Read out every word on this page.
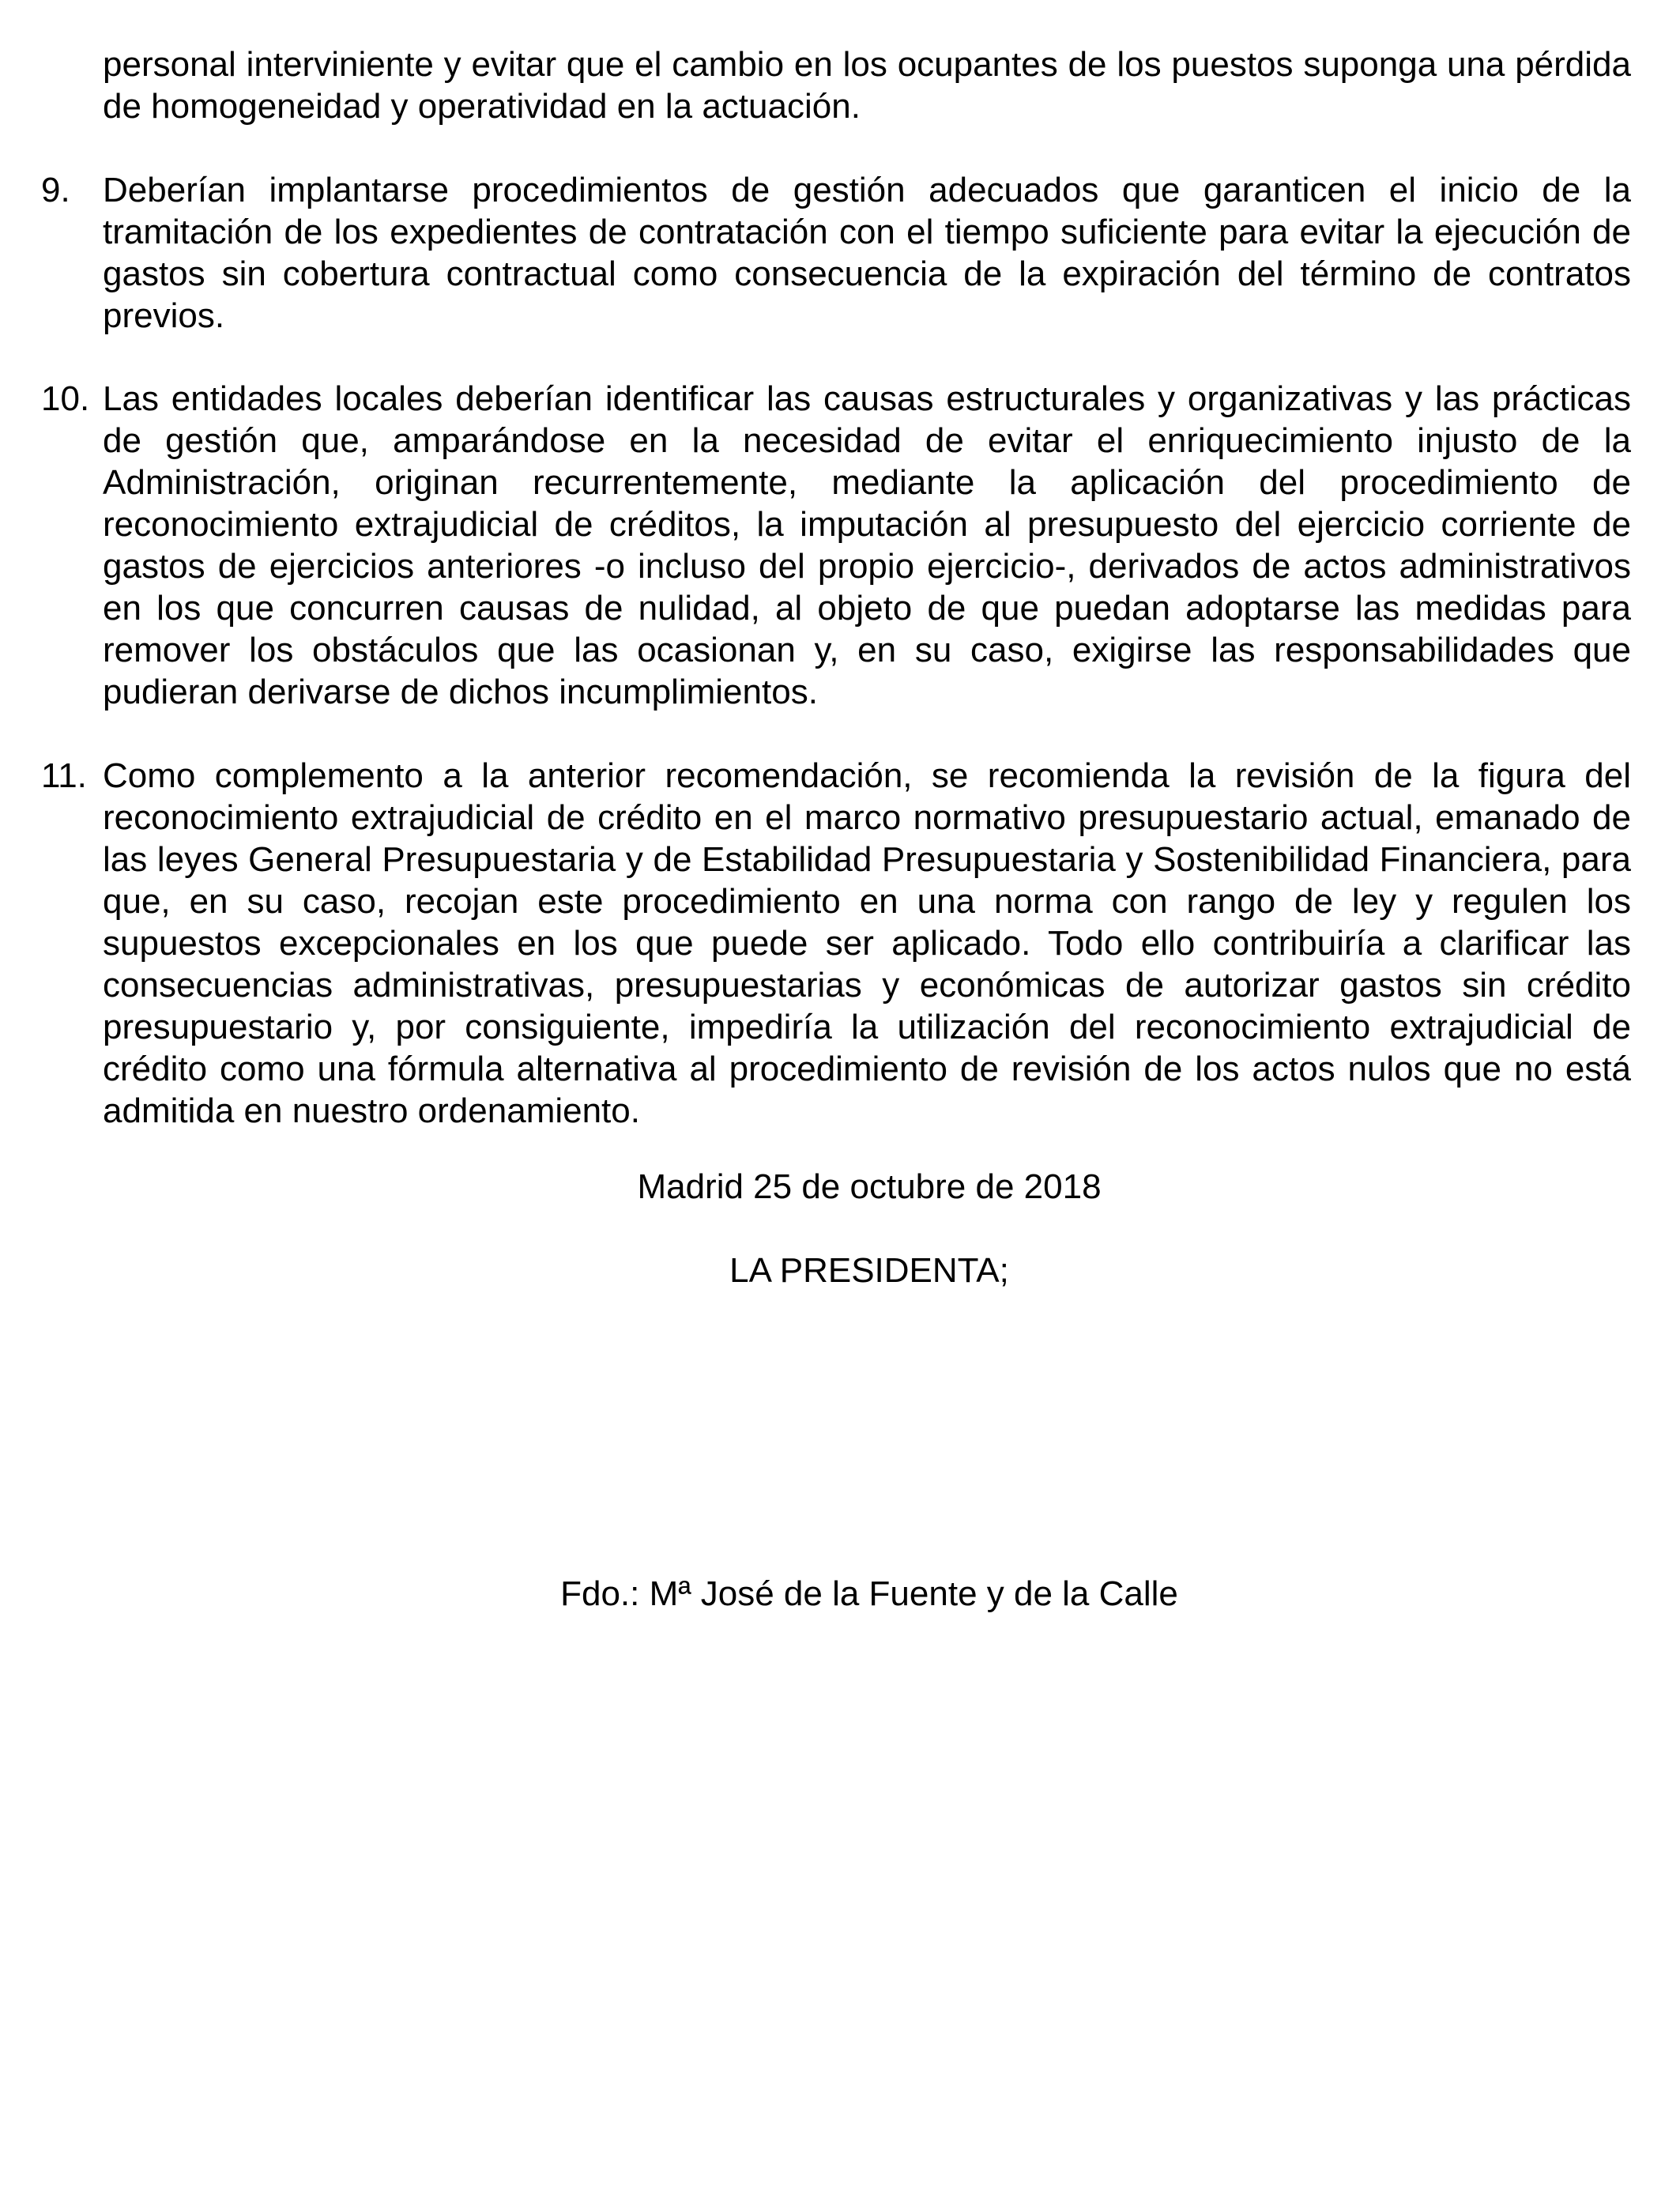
personal interviniente y evitar que el cambio en los ocupantes de los puestos suponga una pérdida de homogeneidad y operatividad en la actuación.
9. Deberían implantarse procedimientos de gestión adecuados que garanticen el inicio de la tramitación de los expedientes de contratación con el tiempo suficiente para evitar la ejecución de gastos sin cobertura contractual como consecuencia de la expiración del término de contratos previos.
10. Las entidades locales deberían identificar las causas estructurales y organizativas y las prácticas de gestión que, amparándose en la necesidad de evitar el enriquecimiento injusto de la Administración, originan recurrentemente, mediante la aplicación del procedimiento de reconocimiento extrajudicial de créditos, la imputación al presupuesto del ejercicio corriente de gastos de ejercicios anteriores -o incluso del propio ejercicio-, derivados de actos administrativos en los que concurren causas de nulidad, al objeto de que puedan adoptarse las medidas para remover los obstáculos que las ocasionan y, en su caso, exigirse las responsabilidades que pudieran derivarse de dichos incumplimientos.
11. Como complemento a la anterior recomendación, se recomienda la revisión de la figura del reconocimiento extrajudicial de crédito en el marco normativo presupuestario actual, emanado de las leyes General Presupuestaria y de Estabilidad Presupuestaria y Sostenibilidad Financiera, para que, en su caso, recojan este procedimiento en una norma con rango de ley y regulen los supuestos excepcionales en los que puede ser aplicado. Todo ello contribuiría a clarificar las consecuencias administrativas, presupuestarias y económicas de autorizar gastos sin crédito presupuestario y, por consiguiente, impediría la utilización del reconocimiento extrajudicial de crédito como una fórmula alternativa al procedimiento de revisión de los actos nulos que no está admitida en nuestro ordenamiento.
Madrid 25 de octubre de 2018
LA PRESIDENTA;
Fdo.: Mª José de la Fuente y de la Calle
